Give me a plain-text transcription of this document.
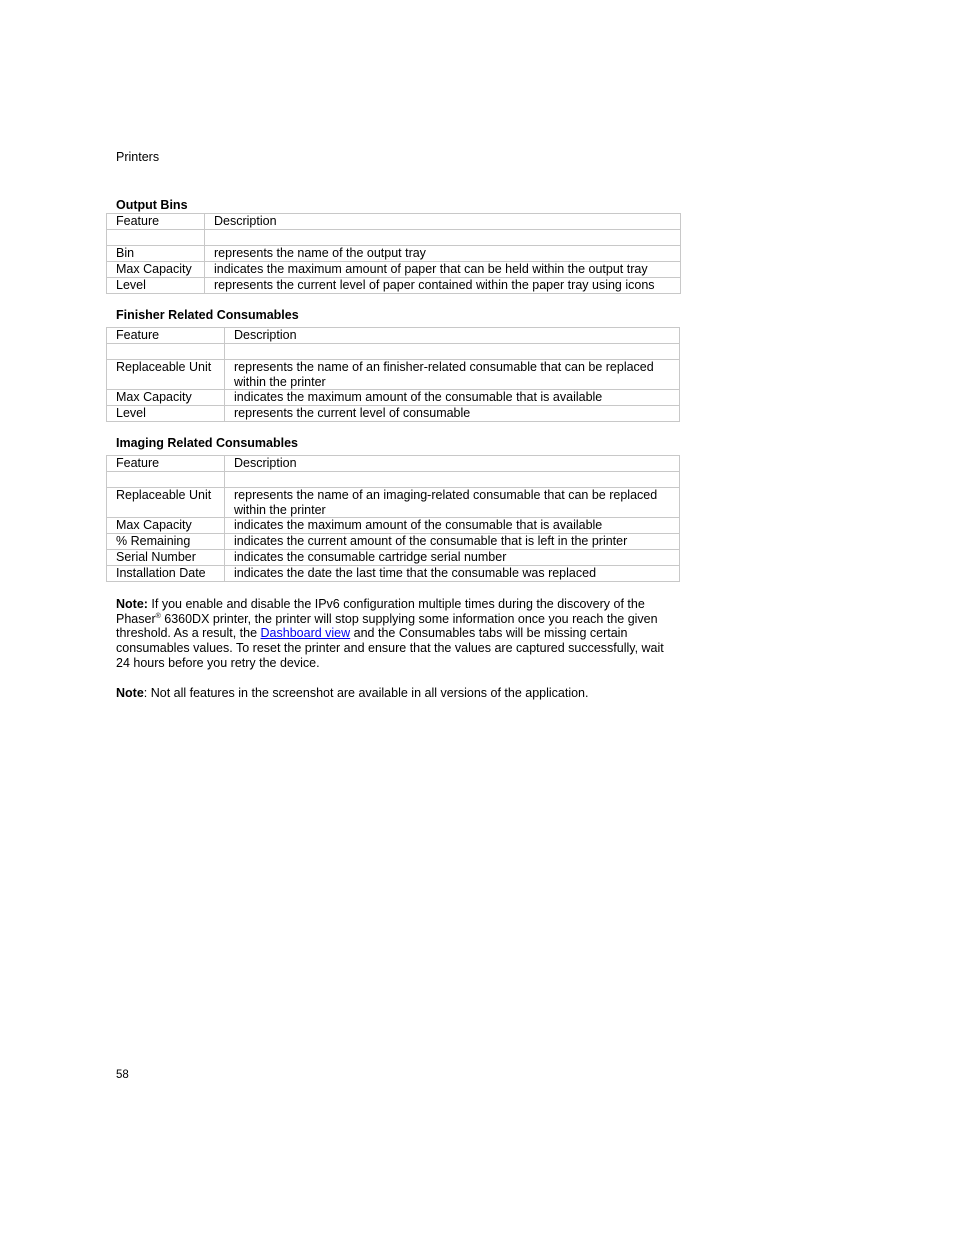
Printers
Output Bins
Feature	Description

Bin	represents the name of the output tray
Max Capacity	indicates the maximum amount of paper that can be held within the output tray
Level	represents the current level of paper contained within the paper tray using icons
Finisher Related Consumables
Feature	Description

Replaceable Unit	represents the name of an finisher-related consumable that can be replaced within the printer
Max Capacity	indicates the maximum amount of the consumable that is available
Level	represents the current level of consumable
Imaging Related Consumables
Feature	Description

Replaceable Unit	represents the name of an imaging-related consumable that can be replaced within the printer
Max Capacity	indicates the maximum amount of the consumable that is available
% Remaining	indicates the current amount of the consumable that is left in the printer
Serial Number	indicates the consumable cartridge serial number
Installation Date	indicates the date the last time that the consumable was replaced
Note: If you enable and disable the IPv6 configuration multiple times during the discovery of the Phaser® 6360DX printer, the printer will stop supplying some information once you reach the given threshold. As a result, the Dashboard view and the Consumables tabs will be missing certain consumables values. To reset the printer and ensure that the values are captured successfully, wait 24 hours before you retry the device.
Note: Not all features in the screenshot are available in all versions of the application.
58
